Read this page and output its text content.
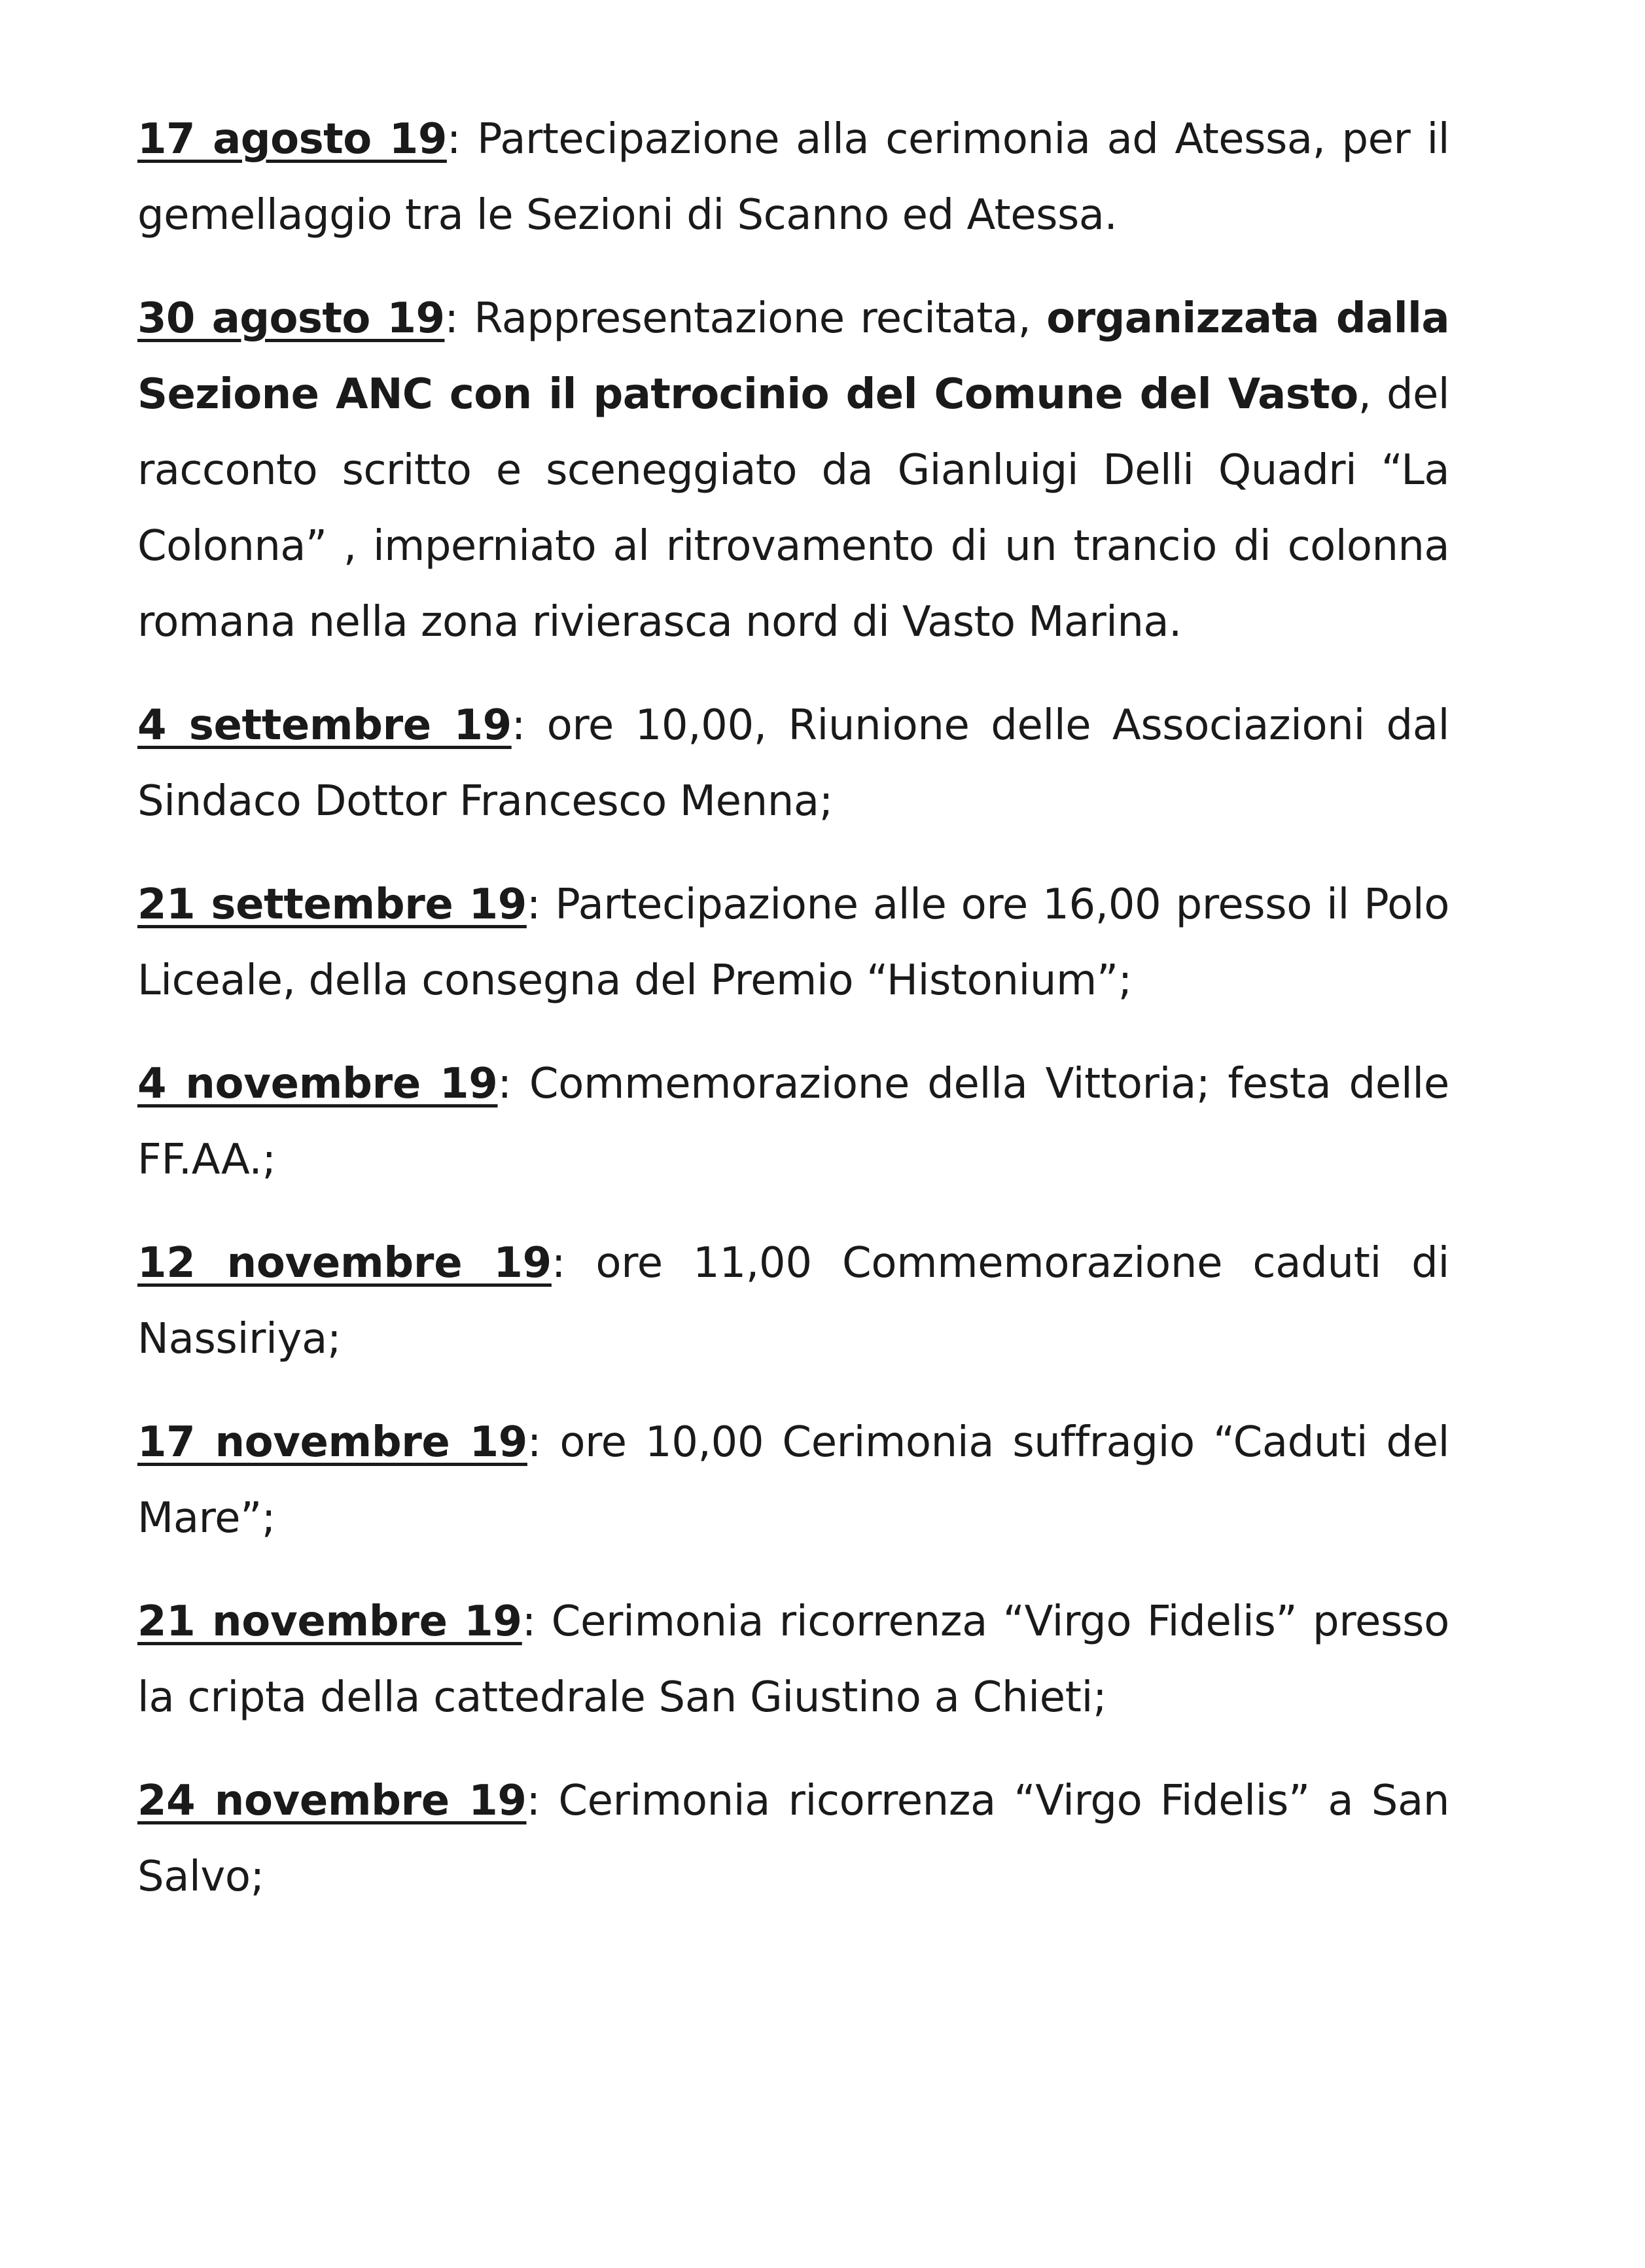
17 agosto 19: Partecipazione alla cerimonia ad Atessa, per il gemellaggio tra le Sezioni di Scanno ed Atessa.

30 agosto 19: Rappresentazione recitata, organizzata dalla Sezione ANC con il patrocinio del Comune del Vasto, del racconto scritto e sceneggiato da Gianluigi Delli Quadri “La Colonna” , imperniato al ritrovamento di un trancio di colonna romana nella zona rivierasca nord di Vasto Marina.

4 settembre 19: ore 10,00, Riunione delle Associazioni dal Sindaco Dottor Francesco Menna;

21 settembre 19: Partecipazione alle ore 16,00 presso il Polo Liceale, della consegna del Premio “Histonium”;

4 novembre 19: Commemorazione della Vittoria; festa delle FF.AA.;

12 novembre 19: ore 11,00 Commemorazione caduti di Nassiriya;

17 novembre 19: ore 10,00 Cerimonia suffragio “Caduti del Mare”;

21 novembre 19: Cerimonia ricorrenza “Virgo Fidelis” presso la cripta della cattedrale San Giustino a Chieti;

24 novembre 19: Cerimonia ricorrenza “Virgo Fidelis” a San Salvo;
